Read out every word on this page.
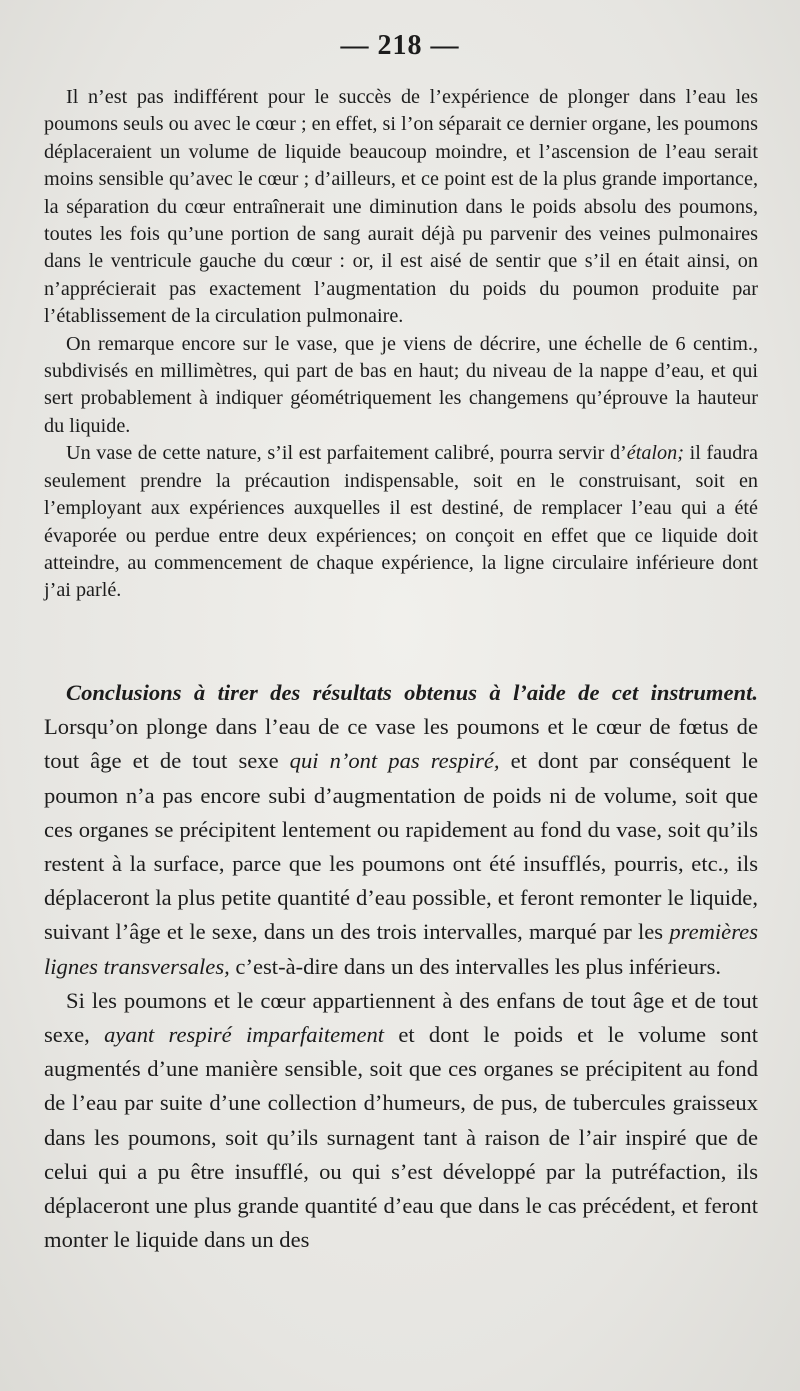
— 218 —

Il n’est pas indifférent pour le succès de l’expérience de plonger dans l’eau les poumons seuls ou avec le cœur ; en effet, si l’on séparait ce dernier organe, les poumons déplaceraient un volume de liquide beaucoup moindre, et l’ascension de l’eau serait moins sensible qu’avec le cœur ; d’ailleurs, et ce point est de la plus grande importance, la séparation du cœur entraînerait une diminution dans le poids absolu des poumons, toutes les fois qu’une portion de sang aurait déjà pu parvenir des veines pulmonaires dans le ventricule gauche du cœur : or, il est aisé de sentir que s’il en était ainsi, on n’apprécierait pas exactement l’augmentation du poids du poumon produite par l’établissement de la circulation pulmonaire.

On remarque encore sur le vase, que je viens de décrire, une échelle de 6 centim., subdivisés en millimètres, qui part de bas en haut; du niveau de la nappe d’eau, et qui sert probablement à indiquer géométriquement les changemens qu’éprouve la hauteur du liquide.

Un vase de cette nature, s’il est parfaitement calibré, pourra servir d’étalon; il faudra seulement prendre la précaution indispensable, soit en le construisant, soit en l’employant aux expériences auxquelles il est destiné, de remplacer l’eau qui a été évaporée ou perdue entre deux expériences; on conçoit en effet que ce liquide doit atteindre, au commencement de chaque expérience, la ligne circulaire inférieure dont j’ai parlé.

Conclusions à tirer des résultats obtenus à l’aide de cet instrument. Lorsqu’on plonge dans l’eau de ce vase les poumons et le cœur de fœtus de tout âge et de tout sexe qui n’ont pas respiré, et dont par conséquent le poumon n’a pas encore subi d’augmentation de poids ni de volume, soit que ces organes se précipitent lentement ou rapidement au fond du vase, soit qu’ils restent à la surface, parce que les poumons ont été insufflés, pourris, etc., ils déplaceront la plus petite quantité d’eau possible, et feront remonter le liquide, suivant l’âge et le sexe, dans un des trois intervalles, marqué par les premières lignes transversales, c’est-à-dire dans un des intervalles les plus inférieurs.

Si les poumons et le cœur appartiennent à des enfans de tout âge et de tout sexe, ayant respiré imparfaitement et dont le poids et le volume sont augmentés d’une manière sensible, soit que ces organes se précipitent au fond de l’eau par suite d’une collection d’humeurs, de pus, de tubercules graisseux dans les poumons, soit qu’ils surnagent tant à raison de l’air inspiré que de celui qui a pu être insufflé, ou qui s’est développé par la putréfaction, ils déplaceront une plus grande quantité d’eau que dans le cas précédent, et feront monter le liquide dans un des
